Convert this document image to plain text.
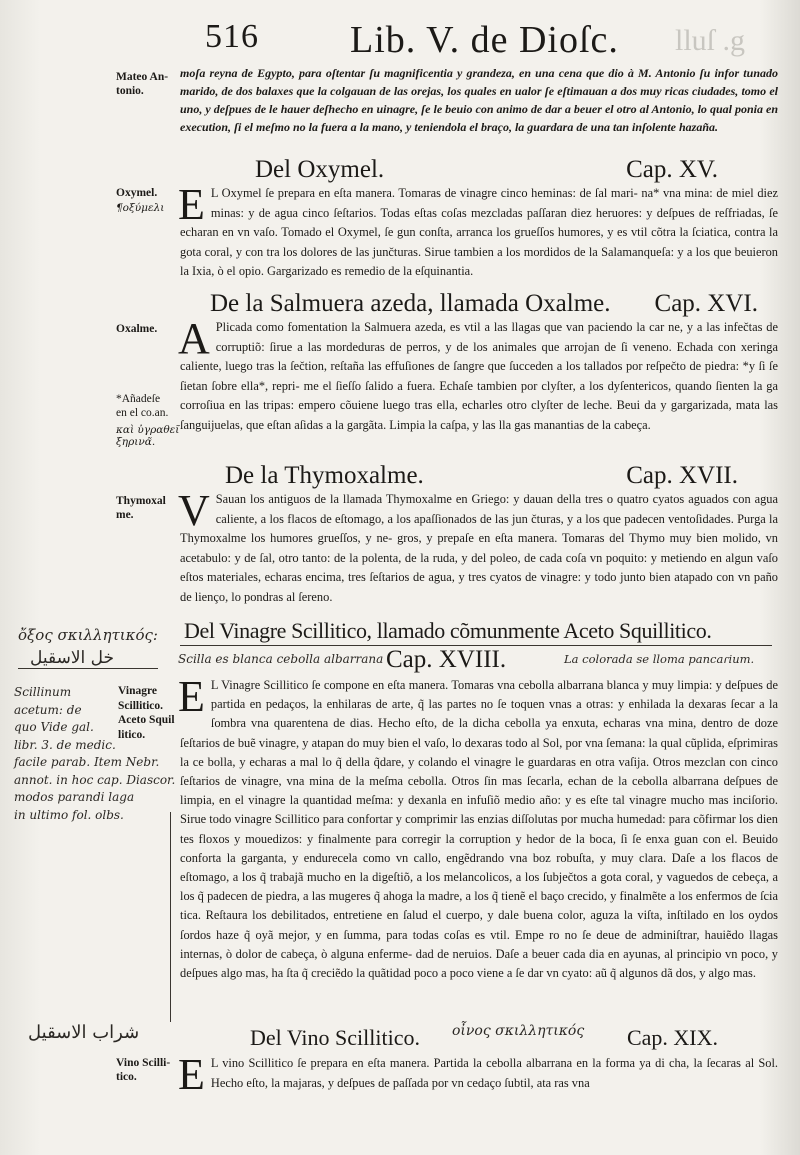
516 Lib. V. de Dioſc. lluſ .g
Mateo An-
tonio.

moſa reyna de Egypto, para oſtentar ſu magnificentia y grandeza, en una cena que dio à M. Antonio ſu infor tunado marido, de dos balaxes que la colgauan de las orejas, los quales en ualor ſe eſtimauan a dos muy ricas ciudades, tomo el uno, y deſpues de le hauer deſhecho en uinagre, ſe le beuio con animo de dar a beuer el otro al Antonio, lo qual ponia en execution, ſi el meſmo no la fuera a la mano, y teniendola el braço, la guardara de una tan inſolente hazaña.

Del Oxymel.	Cap. XV.
Oxymel.
¶οξύμελι E L Oxymel ſe prepara en eſta manera. Tomaras de vinagre cinco heminas: de ſal mari- na* vna mina: de miel diez minas: y de agua cinco ſeſtarios. Todas eſtas coſas mezcladas paſſaran diez heruores: y deſpues de reſfriadas, ſe echaran en vn vaſo. Tomado el Oxymel, ſe gun conſta, arranca los grueſſos humores, y es vtil cõtra la ſciatica, contra la gota coral, y con tra los dolores de las junčturas. Sirue tambien a los mordidos de la Salamanqueſa: y a los que beuieron la Ixia, ò el opio. Gargarizado es remedio de la eſquinantia.

De la Salmuera azeda, llamada Oxalme. Cap. XVI.
Oxalme.
*Añadeſe
en el co.an.
καὶ ὐγραθεῖ
ξηρινα̃.
A Plicada como fomentation la Salmuera azeda, es vtil a las llagas que van paciendo la car ne, y a las infečtas de corruptiõ: ſirue a las mordeduras de perros, y de los animales que arrojan de ſi veneno. Echada con xeringa caliente, luego tras la ſečtion, reſtaña las effuſiones de ſangre que ſucceden a los tallados por reſpečto de piedra: *y ſi ſe ſietan ſobre ella*, repri- me el ſieſſo ſalido a fuera. Echaſe tambien por clyſter, a los dyſentericos, quando ſienten la ga corroſiua en las tripas: empero cõuiene luego tras ella, echarles otro clyſter de leche. Beui da y gargarizada, mata las ſanguijuelas, que eſtan aſidas a la gargãta. Limpia la caſpa, y las lla gas manantias de la cabeça.

De la Thymoxalme.	Cap. XVII.
Thymoxal
me.	V Sauan los antiguos de la llamada Thymoxalme en Griego: y dauan della tres o quatro cyatos aguados con agua caliente, a los flacos de eſtomago, a los apaſſionados de las jun čturas, y a los que padecen ventoſidades. Purga la Thymoxalme los humores grueſſos, y ne- gros, y prepaſe en eſta manera. Tomaras del Thymo muy bien molido, vn acetabulo: y de ſal, otro tanto: de la polenta, de la ruda, y del poleo, de cada coſa vn poquito: y metiendo en algun vaſo eſtos materiales, echaras encima, tres ſeſtarios de agua, y tres cyatos de vinagre: y todo junto bien atapado con vn paño de lienço, lo pondras al ſereno.

ὄξος σκιλλητικός:
خل الاسقيل
Del Vinagre Scillitico, llamado cõmunmente Aceto Squillitico.
Scilla es blanca cebolla albarrana Cap. XVIII.	La colorada se lloma pancaɾium.
Scillinum
acetum: de
quo Vide gal.
libr. 3. de medic.
facile parab. Item Nebr.
annot. in hoc cap. Diascor.
modos parandi laga
in ultimo fol. olbs.
Vinagre
Scillitico.
Aceto Squil
litico.
E L Vinagre Scillitico ſe compone en eſta manera. Tomaras vna cebolla albarrana blanca y muy limpia: y deſpues de partida en pedaços, la enhilaras de arte, q̃ las partes no ſe toquen vnas a otras: y enhilada la dexaras ſecar a la ſombra vna quarentena de dias. Hecho eſto, de la dicha cebolla ya enxuta, echaras vna mina, dentro de doze ſeſtarios de buẽ vinagre, y atapan do muy bien el vaſo, lo dexaras todo al Sol, por vna ſemana: la qual cũplida, eſprimiras la ce bolla, y echaras a mal lo q̃ della q̃dare, y colando el vinagre le guardaras en otra vaſija. Otros mezclan con cinco ſeſtarios de vinagre, vna mina de la meſma cebolla. Otros ſin mas ſecarla, echan de la cebolla albarrana deſpues de limpia, en el vinagre la quantidad meſma: y dexanla en infuſiõ medio año: y es eſte tal vinagre mucho mas inciſorio. Sirue todo vinagre Scillitico para confortar y comprimir las enzias diſſolutas por mucha humedad: para cõfirmar los dien tes floxos y mouedizos: y finalmente para corregir la corruption y hedor de la boca, ſi ſe enxa guan con el. Beuido conforta la garganta, y endurecela como vn callo, engẽdrando vna boz robuſta, y muy clara. Daſe a los flacos de eſtomago, a los q̃ trabajã mucho en la digeſtiõ, a los melancolicos, a los ſubječtos a gota coral, y vaguedos de cebeça, a los q̃ padecen de piedra, a las mugeres q̃ ahoga la madre, a los q̃ tienẽ el baço crecido, y finalmẽte a los enfermos de ſcia tica. Reſtaura los debilitados, entretiene en ſalud el cuerpo, y dale buena color, aguza la viſta, inſtilado en los oydos ſordos haze q̃ oyã mejor, y en ſumma, para todas coſas es vtil. Empe ro no ſe deue de adminiſtrar, hauiẽdo llagas internas, ò dolor de cabeça, ò alguna enferme- dad de neruios. Daſe a beuer cada dia en ayunas, al principio vn poco, y deſpues algo mas, ha ſta q̃ creciẽdo la quãtidad poco a poco viene a ſe dar vn cyato: aũ q̃ algunos dã dos, y algo mas.

شراب الاسقيل	Del Vino Scillitico. οἶνος σκιλλητικός Cap. XIX.
Vino Scilli-
tico. E L vino Scillitico ſe prepara en eſta manera. Partida la cebolla albarrana en la forma ya di cha, la ſecaras al Sol. Hecho eſto, la majaras, y deſpues de paſſada por vn cedaço ſubtil, ata ras vna
